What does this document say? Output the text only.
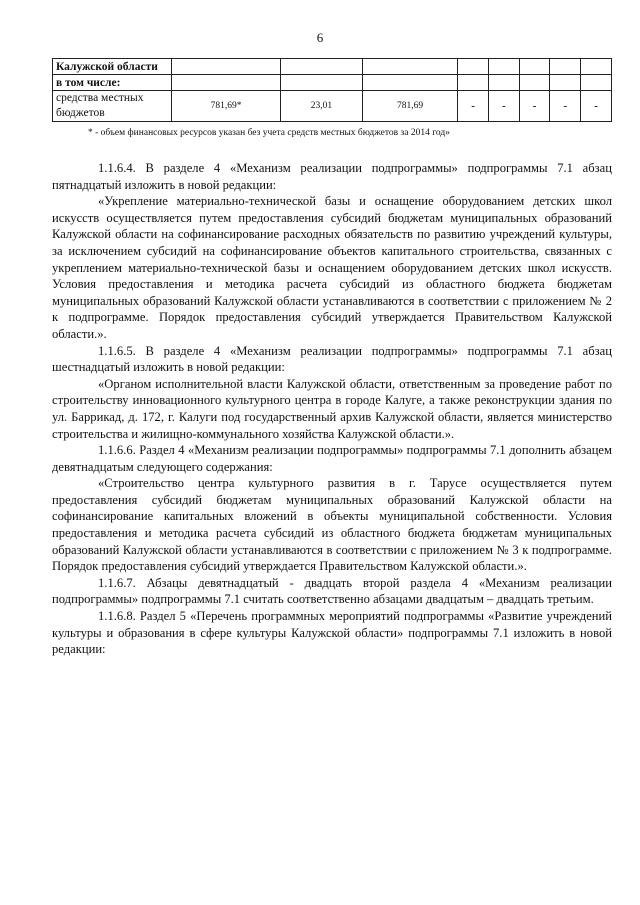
6
Калужской области								
в том числе:								
средства местных бюджетов	781,69*	23,01	781,69	-	-	-	-	-
* - объем финансовых ресурсов указан без учета средств местных бюджетов за 2014 год»

1.1.6.4. В разделе 4 «Механизм реализации подпрограммы» подпрограммы 7.1 абзац пятнадцатый изложить в новой редакции:

«Укрепление материально-технической базы и оснащение оборудованием детских школ искусств осуществляется путем предоставления субсидий бюджетам муниципальных образований Калужской области на софинансирование расходных обязательств по развитию учреждений культуры, за исключением субсидий на софинансирование объектов капитального строительства, связанных с укреплением материально-технической базы и оснащением оборудованием детских школ искусств. Условия предоставления и методика расчета субсидий из областного бюджета бюджетам муниципальных образований Калужской области устанавливаются в соответствии с приложением № 2 к подпрограмме. Порядок предоставления субсидий утверждается Правительством Калужской области.».

1.1.6.5. В разделе 4 «Механизм реализации подпрограммы» подпрограммы 7.1 абзац шестнадцатый изложить в новой редакции:

«Органом исполнительной власти Калужской области, ответственным за проведение работ по строительству инновационного культурного центра в городе Калуге, а также реконструкции здания по ул. Баррикад, д. 172, г. Калуги под государственный архив Калужской области, является министерство строительства и жилищно-коммунального хозяйства Калужской области.».

1.1.6.6. Раздел 4 «Механизм реализации подпрограммы» подпрограммы 7.1 дополнить абзацем девятнадцатым следующего содержания:

«Строительство центра культурного развития в г. Тарусе осуществляется путем предоставления субсидий бюджетам муниципальных образований Калужской области на софинансирование капитальных вложений в объекты муниципальной собственности. Условия предоставления и методика расчета субсидий из областного бюджета бюджетам муниципальных образований Калужской области устанавливаются в соответствии с приложением № 3 к подпрограмме. Порядок предоставления субсидий утверждается Правительством Калужской области.».

1.1.6.7. Абзацы девятнадцатый - двадцать второй раздела 4 «Механизм реализации подпрограммы» подпрограммы 7.1 считать соответственно абзацами двадцатым – двадцать третьим.

1.1.6.8. Раздел 5 «Перечень программных мероприятий подпрограммы «Развитие учреждений культуры и образования в сфере культуры Калужской области» подпрограммы 7.1 изложить в новой редакции:
